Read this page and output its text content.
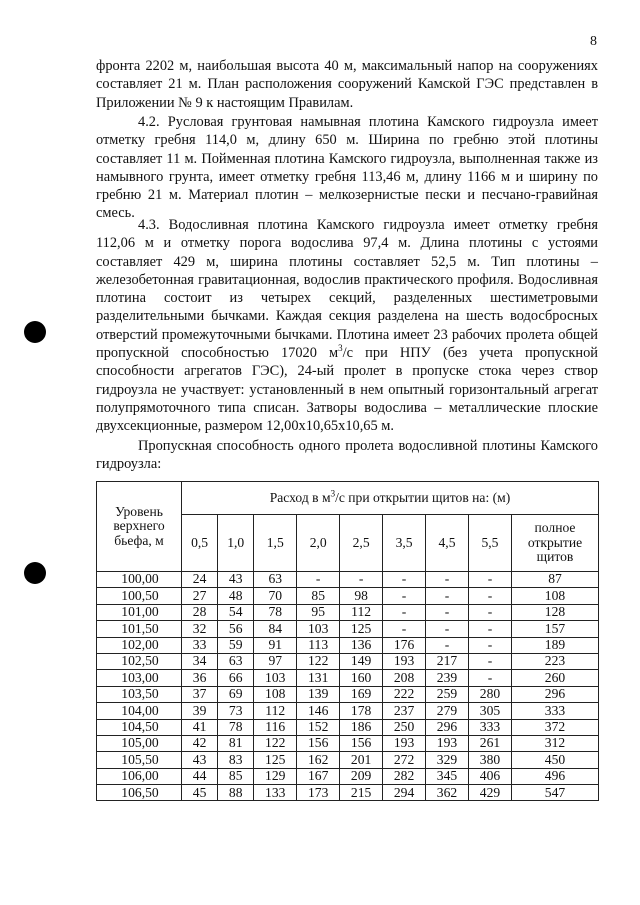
8

фронта 2202 м, наибольшая высота 40 м, максимальный напор на сооружениях составляет 21 м. План расположения сооружений Камской ГЭС представлен в Приложении № 9 к настоящим Правилам.

4.2. Русловая грунтовая намывная плотина Камского гидроузла имеет отметку гребня 114,0 м, длину 650 м. Ширина по гребню этой плотины составляет 11 м. Пойменная плотина Камского гидроузла, выполненная также из намывного грунта, имеет отметку гребня 113,46 м, длину 1166 м и ширину по гребню 21 м. Материал плотин – мелкозернистые пески и песчано-гравийная смесь.

4.3. Водосливная плотина Камского гидроузла имеет отметку гребня 112,06 м и отметку порога водослива 97,4 м. Длина плотины с устоями составляет 429 м, ширина плотины составляет 52,5 м. Тип плотины – железобетонная гравитационная, водослив практического профиля. Водосливная плотина состоит из четырех секций, разделенных шестиметровыми разделительными бычками. Каждая секция разделена на шесть водосбросных отверстий промежуточными бычками. Плотина имеет 23 рабочих пролета общей пропускной способностью 17020 $м^3/с$ при НПУ (без учета пропускной способности агрегатов ГЭС), 24-ый пролет в пропуске стока через створ гидроузла не участвует: установленный в нем опытный горизонтальный агрегат полупрямоточного типа списан. Затворы водослива – металлические плоские двухсекционные, размером 12,00х10,65х10,65 м.

Пропускная способность одного пролета водосливной плотины Камского гидроузла:

Уровень верхнего бьефа, м	Расход в $м^3/с$ при открытии щитов на: (м)								
	0,5	1,0	1,5	2,0	2,5	3,5	4,5	5,5	полное открытие щитов
100,00	24	43	63	-	-	-	-	-	87
100,50	27	48	70	85	98	-	-	-	108
101,00	28	54	78	95	112	-	-	-	128
101,50	32	56	84	103	125	-	-	-	157
102,00	33	59	91	113	136	176	-	-	189
102,50	34	63	97	122	149	193	217	-	223
103,00	36	66	103	131	160	208	239	-	260
103,50	37	69	108	139	169	222	259	280	296
104,00	39	73	112	146	178	237	279	305	333
104,50	41	78	116	152	186	250	296	333	372
105,00	42	81	122	156	156	193	193	261	312
105,50	43	83	125	162	201	272	329	380	450
106,00	44	85	129	167	209	282	345	406	496
106,50	45	88	133	173	215	294	362	429	547
